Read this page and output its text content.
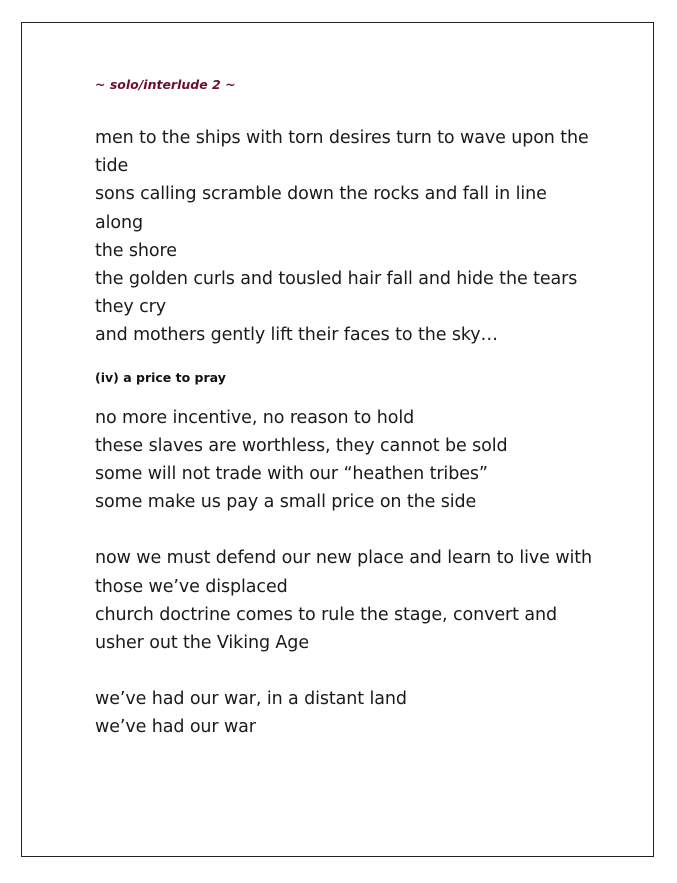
~ solo/interlude 2 ~
men to the ships with torn desires turn to wave upon the
tide
sons calling scramble down the rocks and fall in line along
the shore
the golden curls and tousled hair fall and hide the tears
they cry
and mothers gently lift their faces to the sky…
(iv) a price to pray
no more incentive, no reason to hold
these slaves are worthless, they cannot be sold
some will not trade with our “heathen tribes”
some make us pay a small price on the side
now we must defend our new place and learn to live with
those we’ve displaced
church doctrine comes to rule the stage, convert and
usher out the Viking Age
we’ve had our war, in a distant land
we’ve had our war
